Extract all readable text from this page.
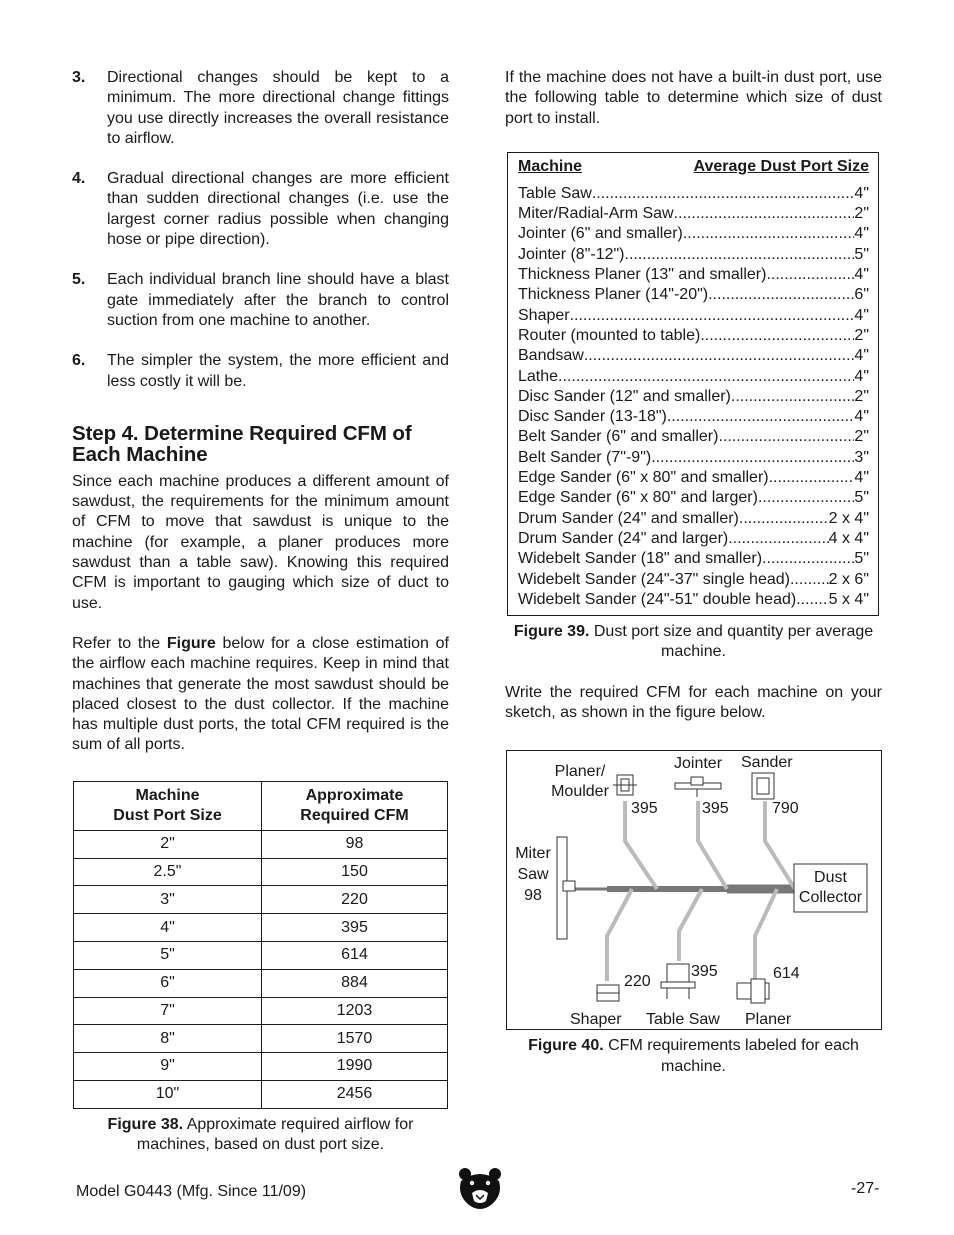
3. Directional changes should be kept to a minimum. The more directional change fittings you use directly increases the overall resistance to airflow.

4. Gradual directional changes are more efficient than sudden directional changes (i.e. use the largest corner radius possible when changing hose or pipe direction).

5. Each individual branch line should have a blast gate immediately after the branch to control suction from one machine to another.

6. The simpler the system, the more efficient and less costly it will be.

Step 4. Determine Required CFM of Each Machine

Since each machine produces a different amount of sawdust, the requirements for the minimum amount of CFM to move that sawdust is unique to the machine (for example, a planer produces more sawdust than a table saw). Knowing this required CFM is important to gauging which size of duct to use.

Refer to the Figure below for a close estimation of the airflow each machine requires. Keep in mind that machines that generate the most sawdust should be placed closest to the dust collector. If the machine has multiple dust ports, the total CFM required is the sum of all ports.

Machine
Dust Port Size	Approximate
Required CFM
2"	98
2.5"	150
3"	220
4"	395
5"	614
6"	884
7"	1203
8"	1570
9"	1990
10"	2456
Figure 38. Approximate required airflow for machines, based on dust port size.

If the machine does not have a built-in dust port, use the following table to determine which size of dust port to install.

Machine	Average Dust Port Size
Table Saw .....	4"
Miter/Radial-Arm Saw .....	2"
Jointer (6" and smaller) .....	4"
Jointer (8"-12") .....	5"
Thickness Planer (13" and smaller) .....	4"
Thickness Planer (14"-20") .....	6"
Shaper .....	4"
Router (mounted to table) .....	2"
Bandsaw .....	4"
Lathe .....	4"
Disc Sander (12" and smaller) .....	2"
Disc Sander (13-18") .....	4"
Belt Sander (6" and smaller) .....	2"
Belt Sander (7"-9") .....	3"
Edge Sander (6" x 80" and smaller) .....	4"
Edge Sander (6" x 80" and larger) .....	5"
Drum Sander (24" and smaller) .....	2 x 4"
Drum Sander (24" and larger) .....	4 x 4"
Widebelt Sander (18" and smaller) .....	5"
Widebelt Sander (24"-37" single head) ..... 2 x 6"
Widebelt Sander (24"-51" double head) ..... 5 x 4"
Figure 39. Dust port size and quantity per average machine.

Write the required CFM for each machine on your sketch, as shown in the figure below.

Planer/
Moulder
Jointer Sander
395	395	790
Miter
Saw
98
Dust
Collector
220
395	614
Shaper Table Saw Planer
Figure 40. CFM requirements labeled for each machine.
Model G0443 (Mfg. Since 11/09)	-27-
